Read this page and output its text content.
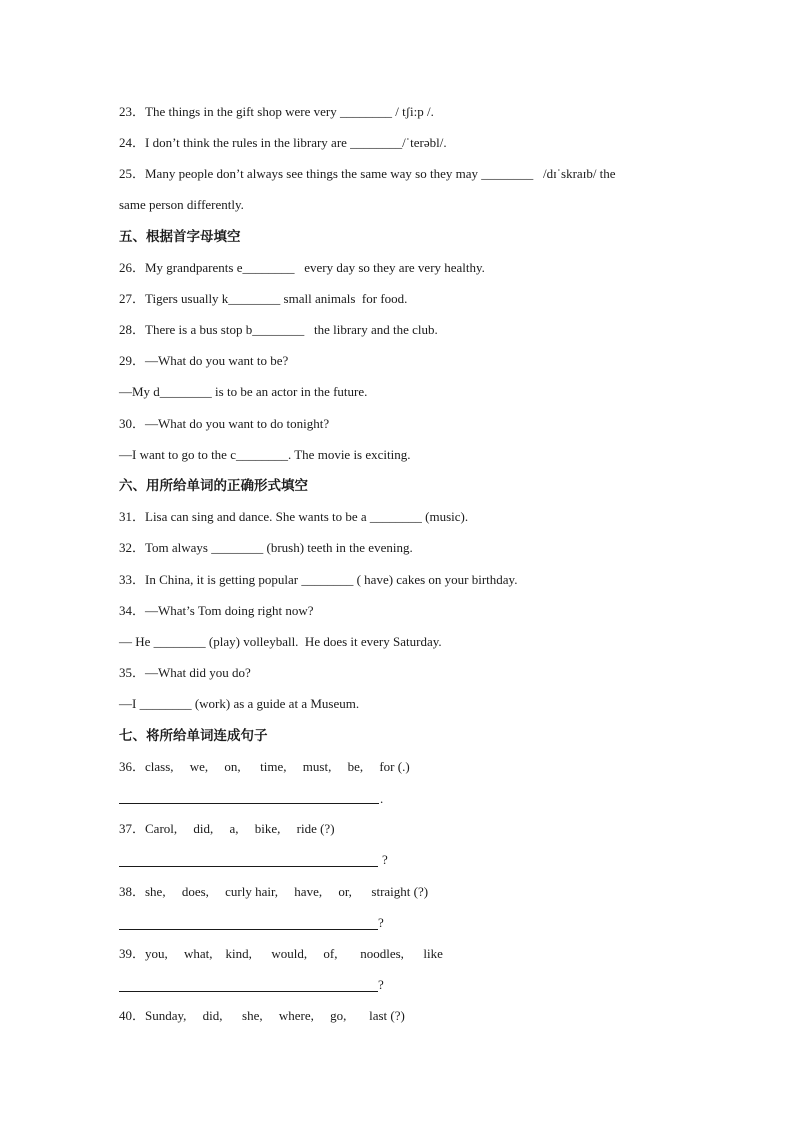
23．The things in the gift shop were very ________ / tʃi:p /.
24．I don’t think the rules in the library are ________/ˈterəbl/.
25．Many people don’t always see things the same way so they may ________   /dɪˈskraɪb/ the
same person differently.
五、根据首字母填空
26．My grandparents e________   every day so they are very healthy.
27．Tigers usually k________ small animals  for food.
28．There is a bus stop b________   the library and the club.
29．—What do you want to be?
—My d________ is to be an actor in the future.
30．—What do you want to do tonight?
—I want to go to the c________. The movie is exciting.
六、用所给单词的正确形式填空
31．Lisa can sing and dance. She wants to be a ________ (music).
32．Tom always ________ (brush) teeth in the evening.
33．In China, it is getting popular ________ ( have) cakes on your birthday.
34．—What’s Tom doing right now?
— He ________ (play) volleyball.  He does it every Saturday.
35．—What did you do?
—I ________ (work) as a guide at a Museum.
七、将所给单词连成句子
36．class,     we,     on,      time,     must,     be,     for (.)
.
37．Carol,     did,     a,     bike,     ride (?)
?
38．she,     does,     curly hair,     have,     or,      straight (?)
?
39．you,     what,    kind,      would,     of,       noodles,      like
?
40．Sunday,     did,      she,     where,     go,       last (?)
